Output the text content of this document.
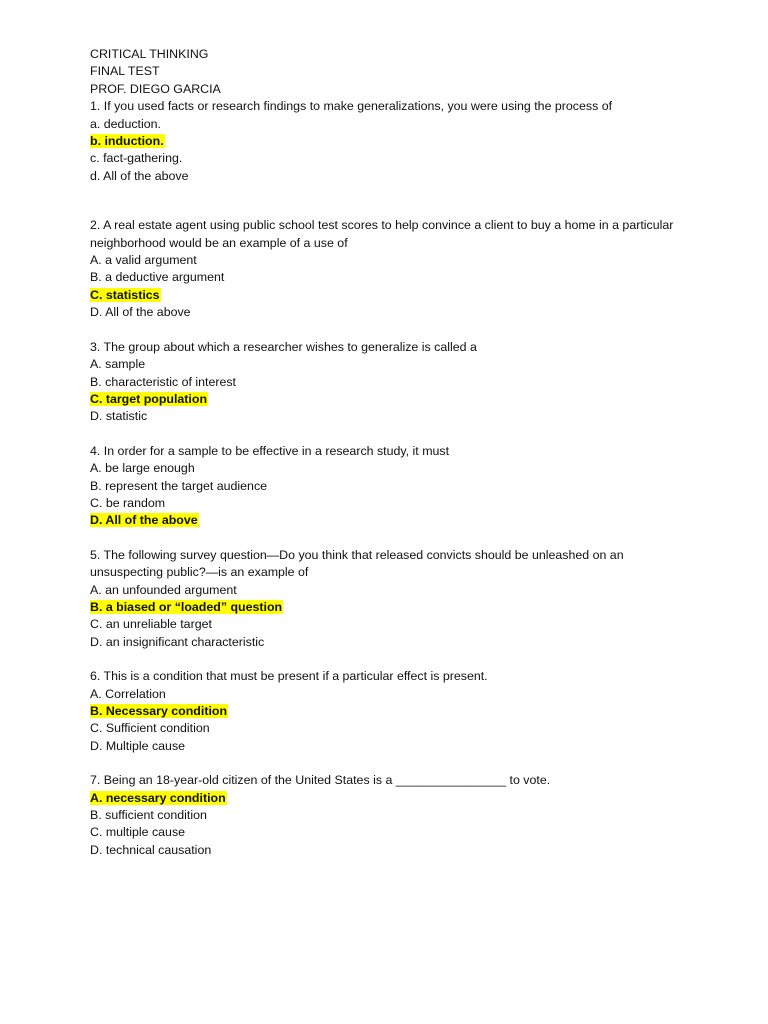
CRITICAL THINKING
FINAL TEST
PROF. DIEGO GARCIA
1. If you used facts or research findings to make generalizations, you were using the process of
a. deduction.
b. induction.
c. fact-gathering.
d. All of the above
2. A real estate agent using public school test scores to help convince a client to buy a home in a particular neighborhood would be an example of a use of
A. a valid argument
B. a deductive argument
C. statistics
D. All of the above
3. The group about which a researcher wishes to generalize is called a
A. sample
B. characteristic of interest
C. target population
D. statistic
4. In order for a sample to be effective in a research study, it must
A. be large enough
B. represent the target audience
C. be random
D. All of the above
5. The following survey question—Do you think that released convicts should be unleashed on an unsuspecting public?—is an example of
A. an unfounded argument
B. a biased or “loaded” question
C. an unreliable target
D. an insignificant characteristic
6. This is a condition that must be present if a particular effect is present.
A. Correlation
B. Necessary condition
C. Sufficient condition
D. Multiple cause
7. Being an 18-year-old citizen of the United States is a ________________ to vote.
A. necessary condition
B. sufficient condition
C. multiple cause
D. technical causation
